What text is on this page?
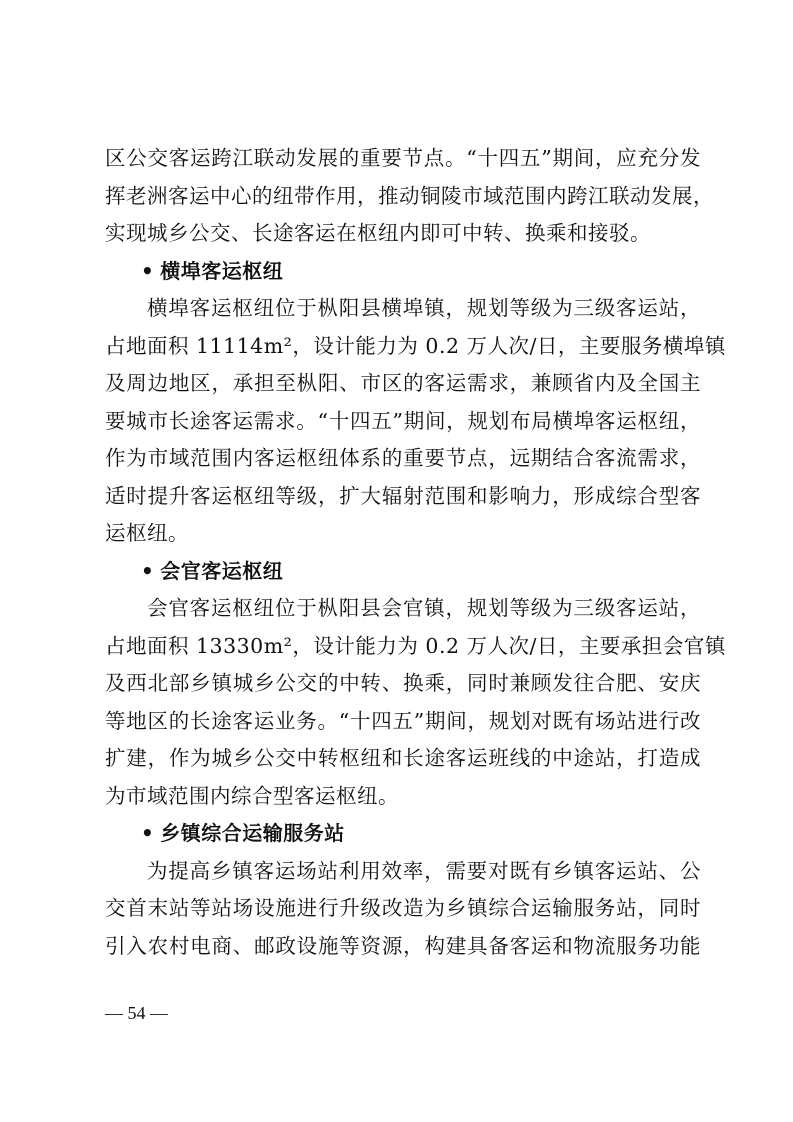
区公交客运跨江联动发展的重要节点。“十四五”期间，应充分发
挥老洲客运中心的纽带作用，推动铜陵市域范围内跨江联动发展，
实现城乡公交、长途客运在枢纽内即可中转、换乘和接驳。
• 横埠客运枢纽
横埠客运枢纽位于枞阳县横埠镇，规划等级为三级客运站，
占地面积 11114m²，设计能力为 0.2 万人次/日，主要服务横埠镇
及周边地区，承担至枞阳、市区的客运需求，兼顾省内及全国主
要城市长途客运需求。“十四五”期间，规划布局横埠客运枢纽，
作为市域范围内客运枢纽体系的重要节点，远期结合客流需求，
适时提升客运枢纽等级，扩大辐射范围和影响力，形成综合型客
运枢纽。
• 会官客运枢纽
会官客运枢纽位于枞阳县会官镇，规划等级为三级客运站，
占地面积 13330m²，设计能力为 0.2 万人次/日，主要承担会官镇
及西北部乡镇城乡公交的中转、换乘，同时兼顾发往合肥、安庆
等地区的长途客运业务。“十四五”期间，规划对既有场站进行改
扩建，作为城乡公交中转枢纽和长途客运班线的中途站，打造成
为市域范围内综合型客运枢纽。
• 乡镇综合运输服务站
为提高乡镇客运场站利用效率，需要对既有乡镇客运站、公
交首末站等站场设施进行升级改造为乡镇综合运输服务站，同时
引入农村电商、邮政设施等资源，构建具备客运和物流服务功能
— 54 —
